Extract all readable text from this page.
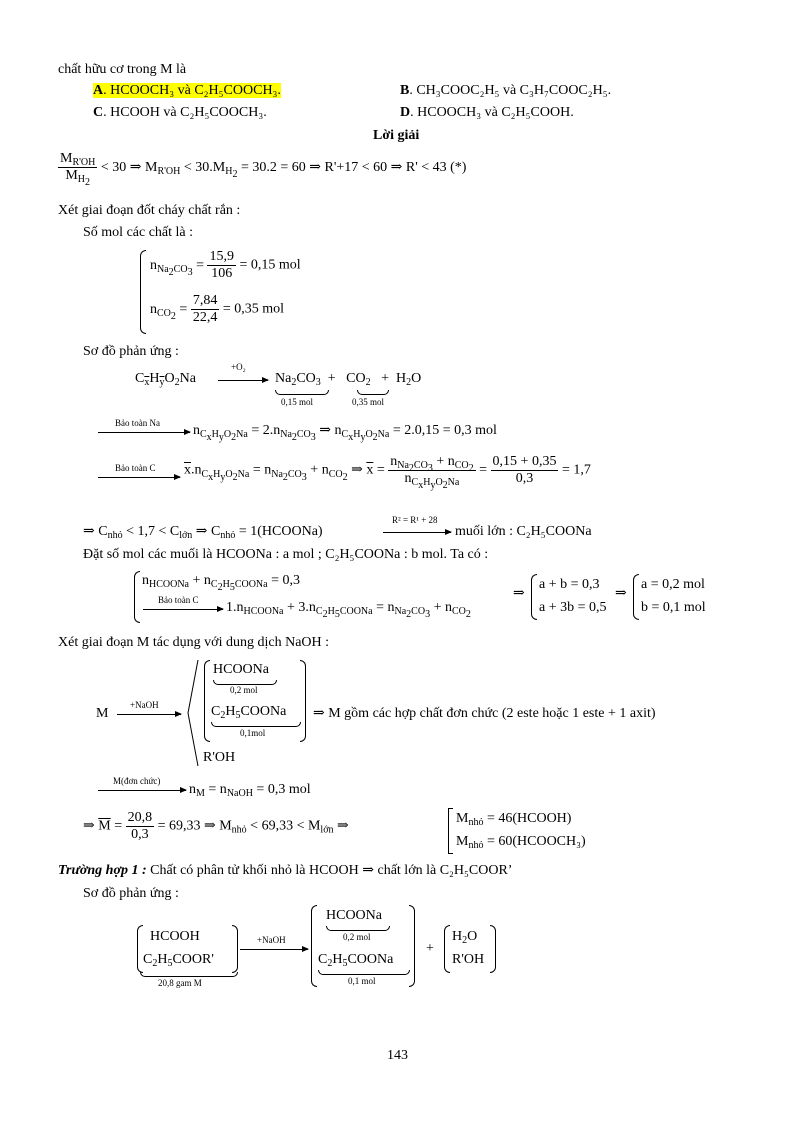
chất hữu cơ trong M là
A. HCOOCH₃ và C₂H₅COOCH₃.	B. CH₃COOC₂H₅ và C₃H₇COOC₂H₅.
C. HCOOH và C₂H₅COOCH₃.	D. HCOOCH₃ và C₂H₅COOH.
Lời giải
$\frac{M_{R'OH}}{M_{H_2}} < 30$ ⇒ $M_{R'OH} < 30.M_{H_2} = 30.2 = 60$ ⇒ R'+17 < 60 ⇒ R' < 43 (*)
Xét giai đoạn đốt cháy chất rắn :
Số mol các chất là :
$n_{Na_2CO_3} = \frac{15,9}{106} = 0,15$ mol
$n_{CO_2} = \frac{7,84}{22,4} = 0,35$ mol
Sơ đồ phản ứng :
$C_{\overline{x}}H_{\overline{y}}O_2Na$
+O₂
$Na_2CO_3 + CO_2 + H_2O$
0,15 mol	0,35 mol
Bảo toàn Na $n_{C_xH_yO_2Na} = 2.n_{Na_2CO_3}$ ⇒ $n_{C_xH_yO_2Na} = 2.0,15 = 0,3$ mol
Bảo toàn C $\overline{x}.n_{C_xH_yO_2Na} = n_{Na_2CO_3} + n_{CO_2}$ ⇒ $\overline{x} = \frac{n_{Na_2CO_3} + n_{CO_2}}{n_{C_xH_yO_2Na}} = \frac{0,15 + 0,35}{0,3} = 1,7$
⇒ $C_{nhỏ} < 1,7 < C_{lớn}$ ⇒ $C_{nhỏ}$ = 1(HCOONa)
R² = R¹ + 28
muối lớn : C₂H₅COONa
Đặt số mol các muối là HCOONa : a mol ; C₂H₅COONa : b mol. Ta có :
$n_{HCOONa} + n_{C_2H_5COONa} = 0,3$
Bảo toàn C $1.n_{HCOONa} + 3.n_{C_2H_5COONa} = n_{Na_2CO_3} + n_{CO_2}$
⇒
a + b = 0,3
a + 3b = 0,5
⇒
a = 0,2 mol
b = 0,1 mol
Xét giai đoạn M tác dụng với dung dịch NaOH :
M
+NaOH
HCOONa
0,2 mol
$C_2H_5COONa$
0,1mol
⇒ M gồm các hợp chất đơn chức (2 este hoặc 1 este + 1 axit)
R'OH
M(đơn chức)
$n_M = n_{NaOH} = 0,3$ mol
⇒ $\overline{M} = \frac{20,8}{0,3} = 69,33$ ⇒ $M_{nhỏ} < 69,33 < M_{lớn}$ ⇒
$M_{nhỏ}$ = 46(HCOOH)
$M_{nhỏ}$ = 60(HCOOCH₃)
Trường hợp 1 : Chất có phân tử khối nhỏ là HCOOH ⇒ chất lớn là C₂H₅COOR’
Sơ đồ phản ứng :
HCOOH
$C_2H_5COOR'$
20,8 gam M
+NaOH
HCOONa
0,2 mol
$C_2H_5COONa$
0,1 mol
+
$H_2O$
R'OH
143
